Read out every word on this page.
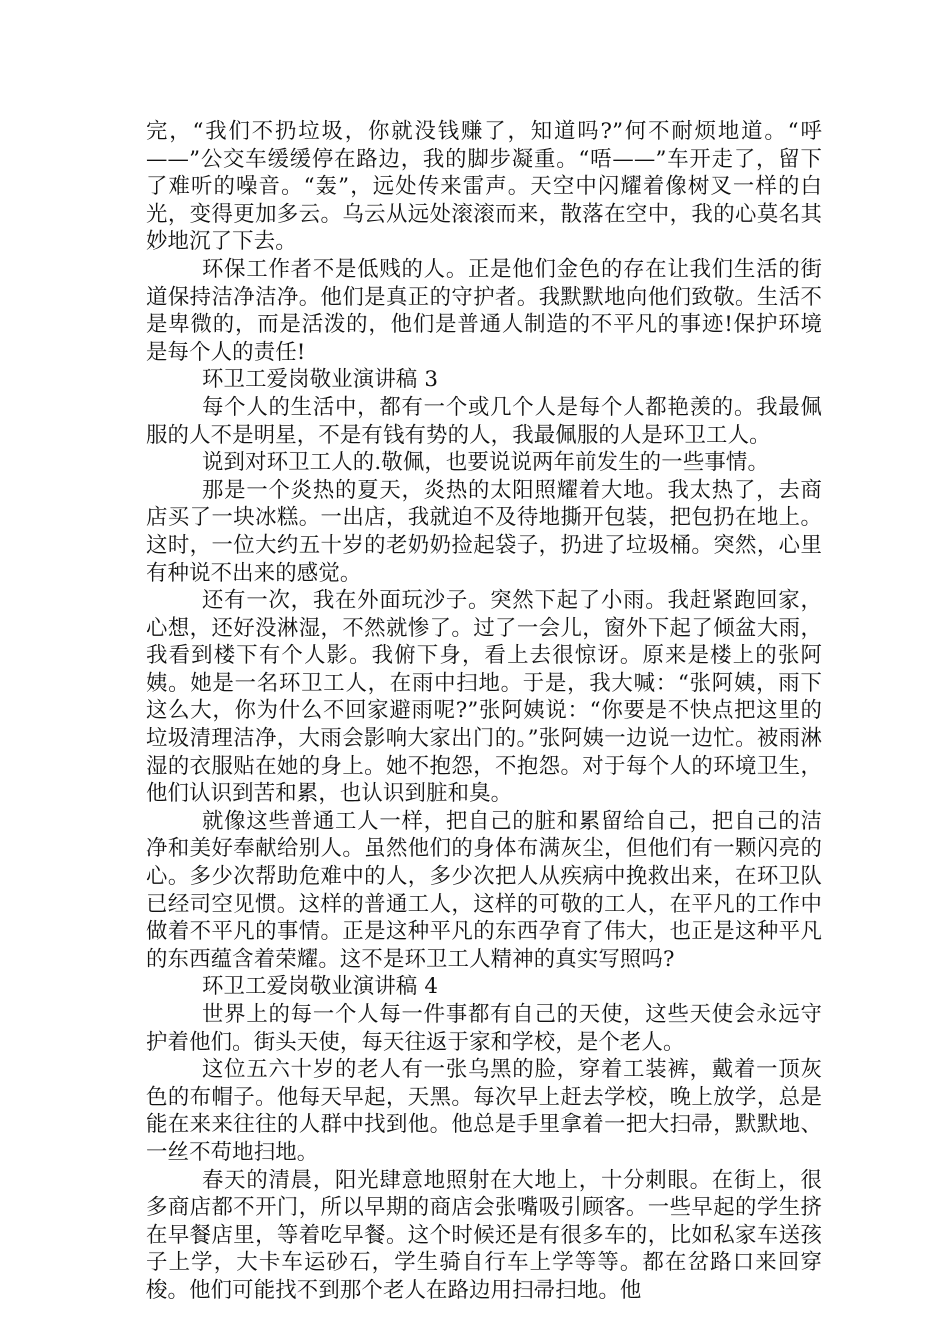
完，“我们不扔垃圾，你就没钱赚了，知道吗?”何不耐烦地道。“呼——”公交车缓缓停在路边，我的脚步凝重。“唔——”车开走了，留下了难听的噪音。“轰”，远处传来雷声。天空中闪耀着像树叉一样的白光，变得更加多云。乌云从远处滚滚而来，散落在空中，我的心莫名其妙地沉了下去。

环保工作者不是低贱的人。正是他们金色的存在让我们生活的街道保持洁净洁净。他们是真正的守护者。我默默地向他们致敬。生活不是卑微的，而是活泼的，他们是普通人制造的不平凡的事迹!保护环境是每个人的责任!

环卫工爱岗敬业演讲稿 3

每个人的生活中，都有一个或几个人是每个人都艳羡的。我最佩服的人不是明星，不是有钱有势的人，我最佩服的人是环卫工人。

说到对环卫工人的.敬佩，也要说说两年前发生的一些事情。

那是一个炎热的夏天，炎热的太阳照耀着大地。我太热了，去商店买了一块冰糕。一出店，我就迫不及待地撕开包装，把包扔在地上。这时，一位大约五十岁的老奶奶捡起袋子，扔进了垃圾桶。突然，心里有种说不出来的感觉。

还有一次，我在外面玩沙子。突然下起了小雨。我赶紧跑回家，心想，还好没淋湿，不然就惨了。过了一会儿，窗外下起了倾盆大雨，我看到楼下有个人影。我俯下身，看上去很惊讶。原来是楼上的张阿姨。她是一名环卫工人，在雨中扫地。于是，我大喊：“张阿姨，雨下这么大，你为什么不回家避雨呢?”张阿姨说：“你要是不快点把这里的垃圾清理洁净，大雨会影响大家出门的。”张阿姨一边说一边忙。被雨淋湿的衣服贴在她的身上。她不抱怨，不抱怨。对于每个人的环境卫生，他们认识到苦和累，也认识到脏和臭。

就像这些普通工人一样，把自己的脏和累留给自己，把自己的洁净和美好奉献给别人。虽然他们的身体布满灰尘，但他们有一颗闪亮的心。多少次帮助危难中的人，多少次把人从疾病中挽救出来，在环卫队已经司空见惯。这样的普通工人，这样的可敬的工人，在平凡的工作中做着不平凡的事情。正是这种平凡的东西孕育了伟大，也正是这种平凡的东西蕴含着荣耀。这不是环卫工人精神的真实写照吗?

环卫工爱岗敬业演讲稿 4

世界上的每一个人每一件事都有自己的天使，这些天使会永远守护着他们。街头天使，每天往返于家和学校，是个老人。

这位五六十岁的老人有一张乌黑的脸，穿着工装裤，戴着一顶灰色的布帽子。他每天早起，天黑。每次早上赶去学校，晚上放学，总是能在来来往往的人群中找到他。他总是手里拿着一把大扫帚，默默地、一丝不苟地扫地。

春天的清晨，阳光肆意地照射在大地上，十分刺眼。在街上，很多商店都不开门，所以早期的商店会张嘴吸引顾客。一些早起的学生挤在早餐店里，等着吃早餐。这个时候还是有很多车的，比如私家车送孩子上学，大卡车运砂石，学生骑自行车上学等等。都在岔路口来回穿梭。他们可能找不到那个老人在路边用扫帚扫地。他
